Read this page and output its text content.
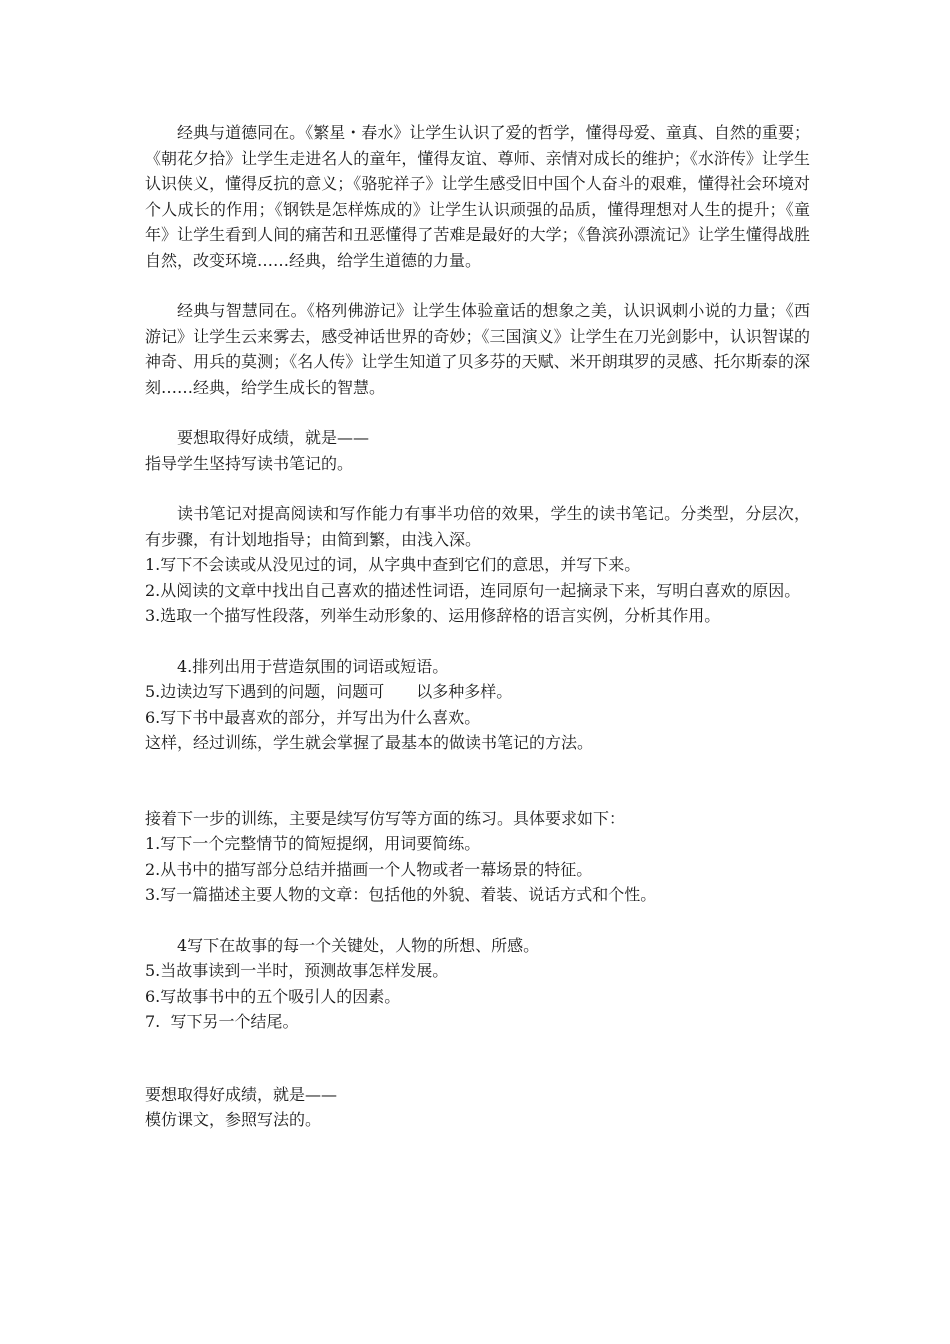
经典与道德同在。《繁星・春水》让学生认识了爱的哲学，懂得母爱、童真、自然的重要；《朝花夕拾》让学生走进名人的童年，懂得友谊、尊师、亲情对成长的维护；《水浒传》让学生认识侠义，懂得反抗的意义；《骆驼祥子》让学生感受旧中国个人奋斗的艰难，懂得社会环境对个人成长的作用；《钢铁是怎样炼成的》让学生认识顽强的品质，懂得理想对人生的提升；《童年》让学生看到人间的痛苦和丑恶懂得了苦难是最好的大学；《鲁滨孙漂流记》让学生懂得战胜自然，改变环境……经典，给学生道德的力量。

经典与智慧同在。《格列佛游记》让学生体验童话的想象之美，认识讽刺小说的力量；《西游记》让学生云来雾去，感受神话世界的奇妙；《三国演义》让学生在刀光剑影中，认识智谋的神奇、用兵的莫测；《名人传》让学生知道了贝多芬的天赋、米开朗琪罗的灵感、托尔斯泰的深刻……经典，给学生成长的智慧。

要想取得好成绩，就是——

指导学生坚持写读书笔记的。

读书笔记对提高阅读和写作能力有事半功倍的效果，学生的读书笔记。分类型，分层次，有步骤，有计划地指导；由简到繁，由浅入深。

1.写下不会读或从没见过的词，从字典中查到它们的意思，并写下来。

2.从阅读的文章中找出自己喜欢的描述性词语，连同原句一起摘录下来，写明白喜欢的原因。

3.选取一个描写性段落，列举生动形象的、运用修辞格的语言实例，分析其作用。

4.排列出用于营造氛围的词语或短语。

5.边读边写下遇到的问题，问题可　　以多种多样。

6.写下书中最喜欢的部分，并写出为什么喜欢。

这样，经过训练，学生就会掌握了最基本的做读书笔记的方法。

接着下一步的训练，主要是续写仿写等方面的练习。具体要求如下：

1.写下一个完整情节的简短提纲，用词要简练。

2.从书中的描写部分总结并描画一个人物或者一幕场景的特征。

3.写一篇描述主要人物的文章：包括他的外貌、着装、说话方式和个性。

4写下在故事的每一个关键处，人物的所想、所感。

5.当故事读到一半时，预测故事怎样发展。

6.写故事书中的五个吸引人的因素。

7.  写下另一个结尾。

要想取得好成绩，就是——

模仿课文，参照写法的。
